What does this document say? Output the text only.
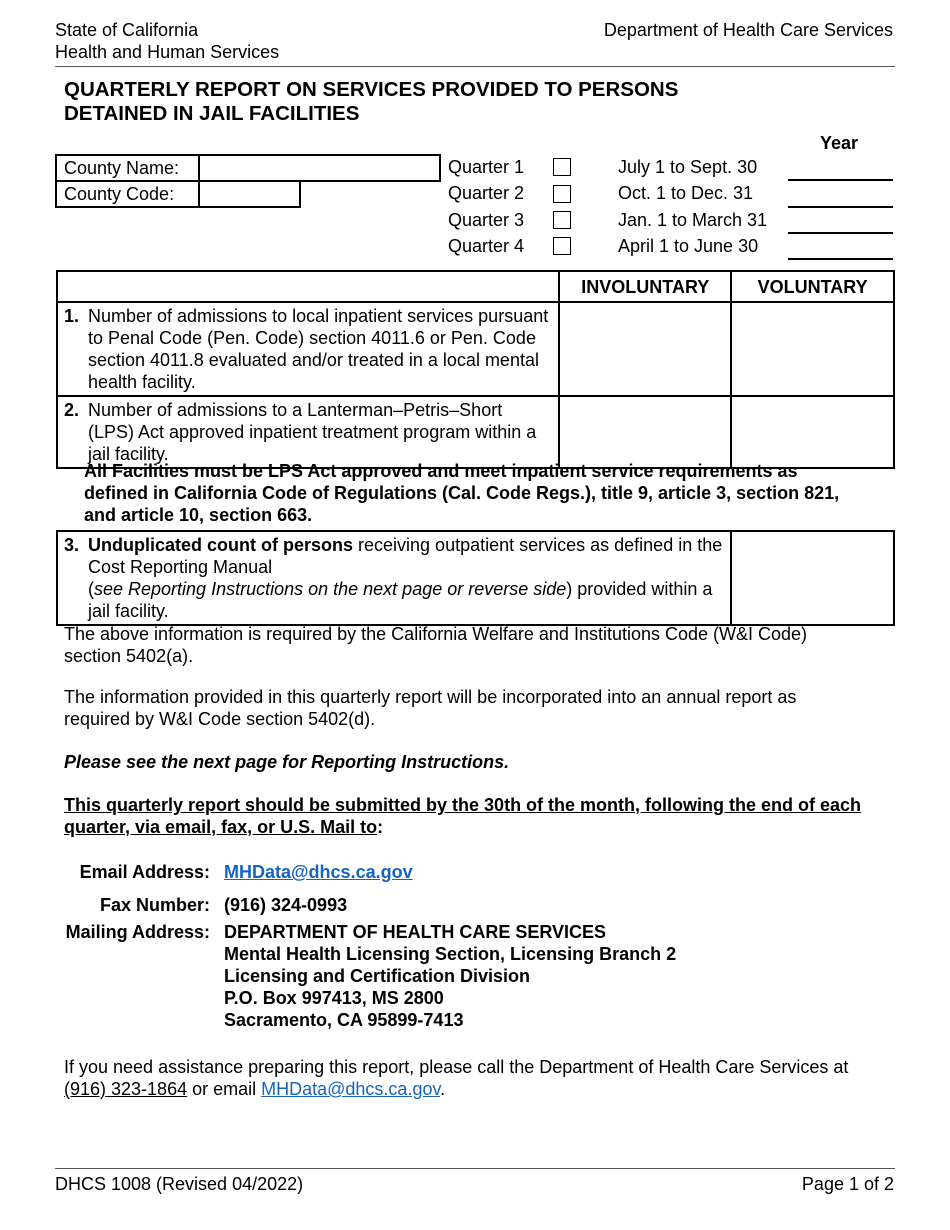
State of California
Health and Human Services
Department of Health Care Services
QUARTERLY REPORT ON SERVICES PROVIDED TO PERSONS
DETAINED IN JAIL FACILITIES
Year
County Name:
County Code:
Quarter 1	July 1 to Sept. 30
Quarter 2	Oct. 1 to Dec. 31
Quarter 3	Jan. 1 to March 31
Quarter 4	April 1 to June 30
	INVOLUNTARY	VOLUNTARY

1. Number of admissions to local inpatient services pursuant to Penal Code (Pen. Code) section 4011.6 or Pen. Code section 4011.8 evaluated and/or treated in a local mental health facility.		

2. Number of admissions to a Lanterman–Petris–Short (LPS) Act approved inpatient treatment program within a jail facility.		

All Facilities must be LPS Act approved and meet inpatient service requirements as defined in California Code of Regulations (Cal. Code Regs.), title 9, article 3, section 821, and article 10, section 663.
3. Unduplicated count of persons receiving outpatient services as defined in the Cost Reporting Manual
(see Reporting Instructions on the next page or reverse side) provided within a jail facility.

The above information is required by the California Welfare and Institutions Code (W&I Code) section 5402(a).
The information provided in this quarterly report will be incorporated into an annual report as required by W&I Code section 5402(d).
Please see the next page for Reporting Instructions.
This quarterly report should be submitted by the 30th of the month, following the end of each quarter, via email, fax, or U.S. Mail to:
Email Address: MHData@dhcs.ca.gov
Fax Number: (916) 324-0993
Mailing Address: DEPARTMENT OF HEALTH CARE SERVICES
Mental Health Licensing Section, Licensing Branch 2
Licensing and Certification Division
P.O. Box 997413, MS 2800
Sacramento, CA 95899-7413
If you need assistance preparing this report, please call the Department of Health Care Services at (916) 323-1864 or email MHData@dhcs.ca.gov.
DHCS 1008 (Revised 04/2022)	Page 1 of 2
